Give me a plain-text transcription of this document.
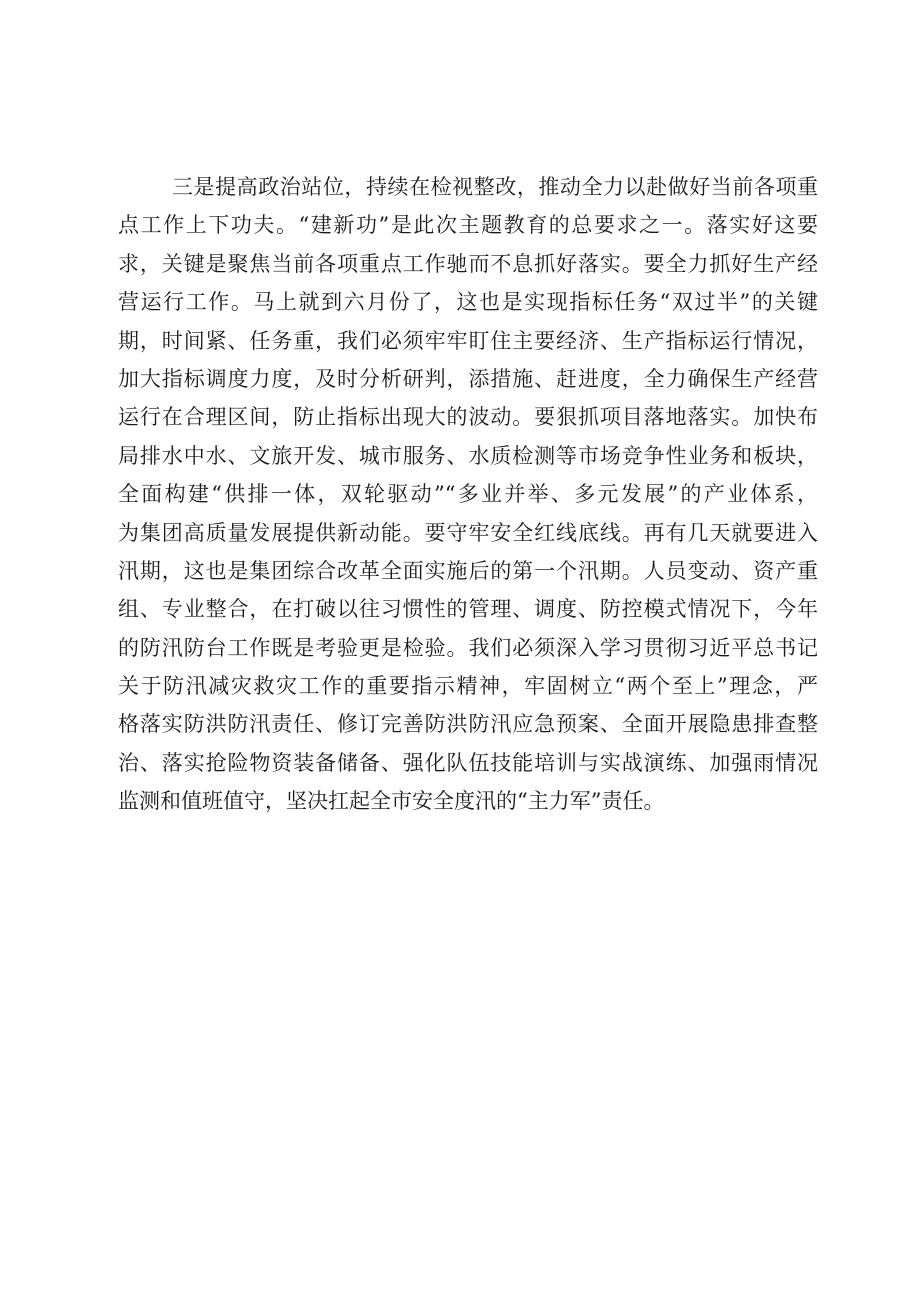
三是提高政治站位，持续在检视整改，推动全力以赴做好当前各项重
点工作上下功夫。“建新功”是此次主题教育的总要求之一。落实好这要
求，关键是聚焦当前各项重点工作驰而不息抓好落实。要全力抓好生产经
营运行工作。马上就到六月份了，这也是实现指标任务“双过半”的关键
期，时间紧、任务重，我们必须牢牢盯住主要经济、生产指标运行情况，
加大指标调度力度，及时分析研判，添措施、赶进度，全力确保生产经营
运行在合理区间，防止指标出现大的波动。要狠抓项目落地落实。加快布
局排水中水、文旅开发、城市服务、水质检测等市场竞争性业务和板块，
全面构建“供排一体，双轮驱动”“多业并举、多元发展”的产业体系，
为集团高质量发展提供新动能。要守牢安全红线底线。再有几天就要进入
汛期，这也是集团综合改革全面实施后的第一个汛期。人员变动、资产重
组、专业整合，在打破以往习惯性的管理、调度、防控模式情况下，今年
的防汛防台工作既是考验更是检验。我们必须深入学习贯彻习近平总书记
关于防汛减灾救灾工作的重要指示精神，牢固树立“两个至上”理念，严
格落实防洪防汛责任、修订完善防洪防汛应急预案、全面开展隐患排查整
治、落实抢险物资装备储备、强化队伍技能培训与实战演练、加强雨情况
监测和值班值守，坚决扛起全市安全度汛的“主力军”责任。
